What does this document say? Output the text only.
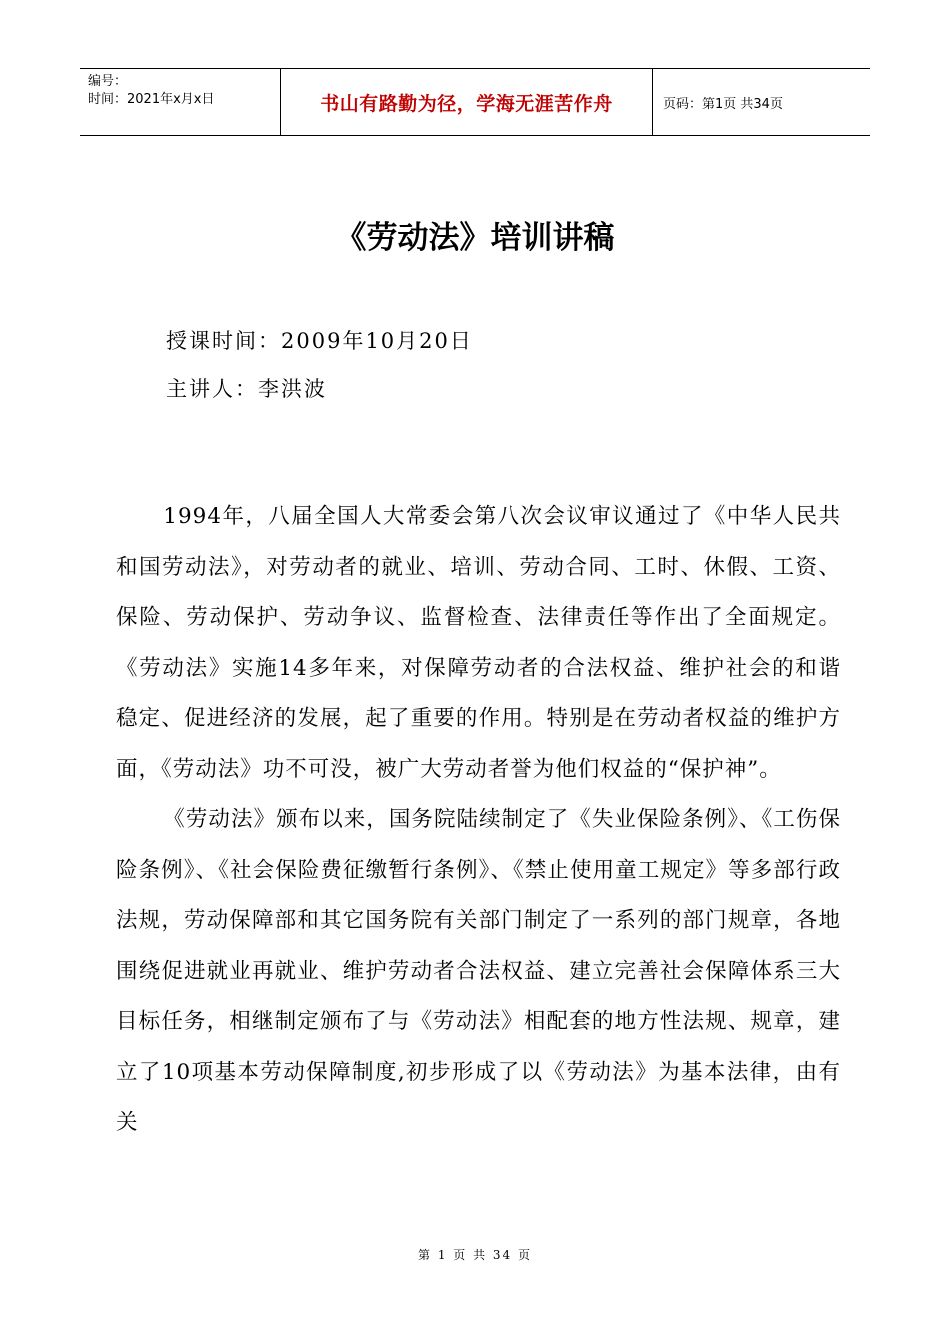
编号：
时间：2021年x月x日	书山有路勤为径，学海无涯苦作舟	页码：第1页 共34页
《劳动法》培训讲稿
授课时间：2009年10月20日
主讲人：李洪波

1994年，八届全国人大常委会第八次会议审议通过了《中华人民共和国劳动法》，对劳动者的就业、培训、劳动合同、工时、休假、工资、保险、劳动保护、劳动争议、监督检查、法律责任等作出了全面规定。《劳动法》实施14多年来，对保障劳动者的合法权益、维护社会的和谐稳定、促进经济的发展，起了重要的作用。特别是在劳动者权益的维护方面，《劳动法》功不可没，被广大劳动者誉为他们权益的“保护神”。

《劳动法》颁布以来，国务院陆续制定了《失业保险条例》、《工伤保险条例》、《社会保险费征缴暂行条例》、《禁止使用童工规定》等多部行政法规，劳动保障部和其它国务院有关部门制定了一系列的部门规章，各地围绕促进就业再就业、维护劳动者合法权益、建立完善社会保障体系三大目标任务，相继制定颁布了与《劳动法》相配套的地方性法规、规章，建立了10项基本劳动保障制度,初步形成了以《劳动法》为基本法律，由有关

第 1 页 共 34 页
